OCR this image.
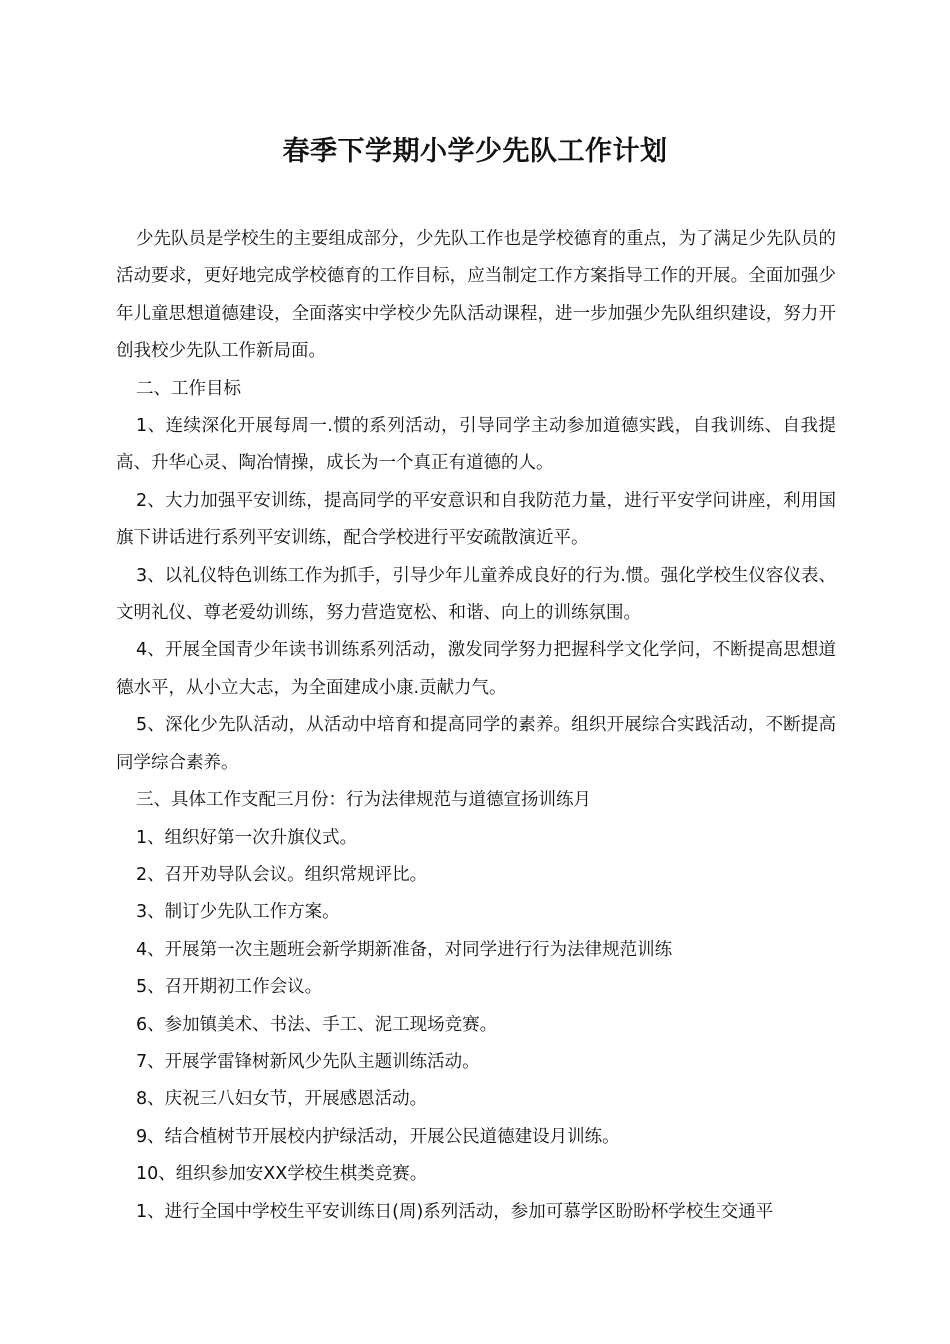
春季下学期小学少先队工作计划

少先队员是学校生的主要组成部分，少先队工作也是学校德育的重点，为了满足少先队员的活动要求，更好地完成学校德育的工作目标，应当制定工作方案指导工作的开展。全面加强少年儿童思想道德建设，全面落实中学校少先队活动课程，进一步加强少先队组织建设，努力开创我校少先队工作新局面。

二、工作目标

1、连续深化开展每周一.惯的系列活动，引导同学主动参加道德实践，自我训练、自我提高、升华心灵、陶冶情操，成长为一个真正有道德的人。

2、大力加强平安训练，提高同学的平安意识和自我防范力量，进行平安学问讲座，利用国旗下讲话进行系列平安训练，配合学校进行平安疏散演近平。

3、以礼仪特色训练工作为抓手，引导少年儿童养成良好的行为.惯。强化学校生仪容仪表、文明礼仪、尊老爱幼训练，努力营造宽松、和谐、向上的训练氛围。

4、开展全国青少年读书训练系列活动，激发同学努力把握科学文化学问，不断提高思想道德水平，从小立大志，为全面建成小康.贡献力气。

5、深化少先队活动，从活动中培育和提高同学的素养。组织开展综合实践活动，不断提高同学综合素养。

三、具体工作支配三月份：行为法律规范与道德宣扬训练月

1、组织好第一次升旗仪式。

2、召开劝导队会议。组织常规评比。

3、制订少先队工作方案。

4、开展第一次主题班会新学期新准备，对同学进行行为法律规范训练

5、召开期初工作会议。

6、参加镇美术、书法、手工、泥工现场竞赛。

7、开展学雷锋树新风少先队主题训练活动。

8、庆祝三八妇女节，开展感恩活动。

9、结合植树节开展校内护绿活动，开展公民道德建设月训练。

10、组织参加安XX学校生棋类竞赛。

1、进行全国中学校生平安训练日(周)系列活动，参加可慕学区盼盼杯学校生交通平
